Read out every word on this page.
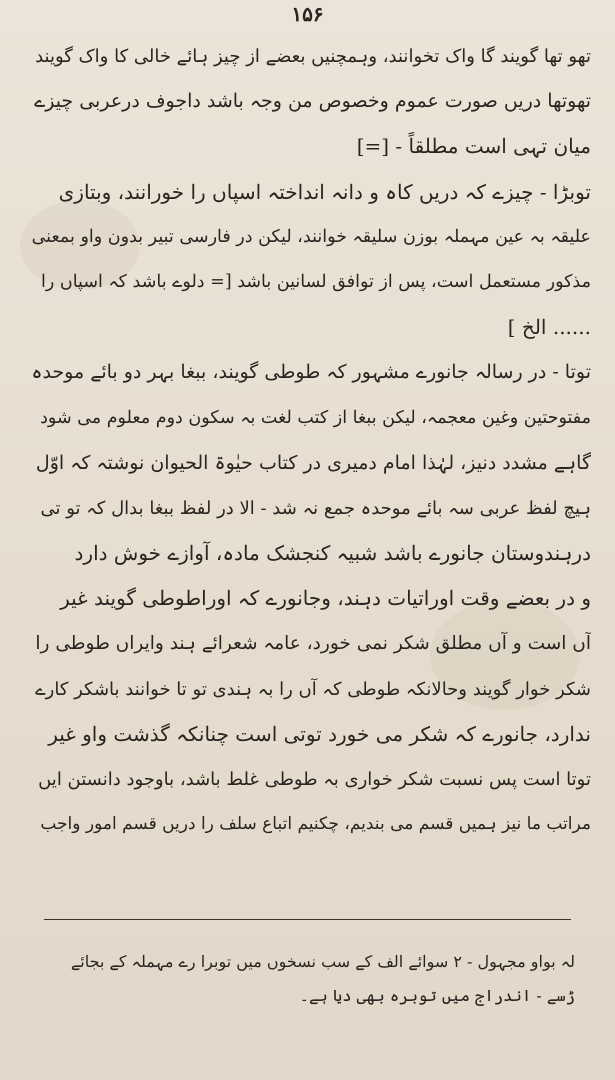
۱۵۶
تھو تھا گویند گا واک تخوانند، وہمچنیں بعضے از چیز ہائے خالی کا واک گویند
تھوتھا دریں صورت عموم وخصوص من وجہ باشد داجوف درعربی چیزے
میان تہی است مطلقاً - [=]
توبڑا - چیزے کہ دریں کاہ و دانہ انداختہ اسپاں را خورانند، وبتازی
علیقہ بہ عین مہملہ بوزن سلیقہ خوانند، لیکن در فارسی تبیر بدون واو بمعنی
مذکور مستعمل است، پس از توافق لسانین باشد [= دلوے باشد کہ اسپاں را
...... الخ ]
توتا - در رسالہ جانورے مشہور کہ طوطی گویند، ببغا بہر دو بائے موحدہ
مفتوحتین وغین معجمہ، لیکن ببغا از کتب لغت بہ سکون دوم معلوم می شود
گاہے مشدد دنیز، لہٰذا امام دمیری در کتاب حیٰوۃ الحیوان نوشتہ کہ اوّل
ہیچ لفظ عربی سہ بائے موحدہ جمع نہ شد - الا در لفظ ببغا بدال کہ تو تی
درہندوستان جانورے باشد شبیہ کنجشک مادہ، آوازے خوش دارد
و در بعضے وقت اوراتیات دہند، وجانورے کہ اوراطوطی گویند غیر
آں است و آں مطلق شکر نمی خورد، عامہ شعرائے ہند وایراں طوطی را
شکر خوار گویند وحالانکہ طوطی کہ آں را بہ ہندی تو تا خوانند باشکر کارے
ندارد، جانورے کہ شکر می خورد توتی است چنانکہ گذشت واو غیر
توتا است پس نسبت شکر خواری بہ طوطی غلط باشد، باوجود دانستن ایں
مراتب ما نیز ہمیں قسم می بندیم، چکنیم اتباع سلف را دریں قسم امور واجب
لہ بواو مجہول - ۲ سوائے الف کے سب نسخوں میں توبرا رے مہملہ کے بجائے
ڑسے - اندراج میں توبرہ بھی دیا ہے۔
